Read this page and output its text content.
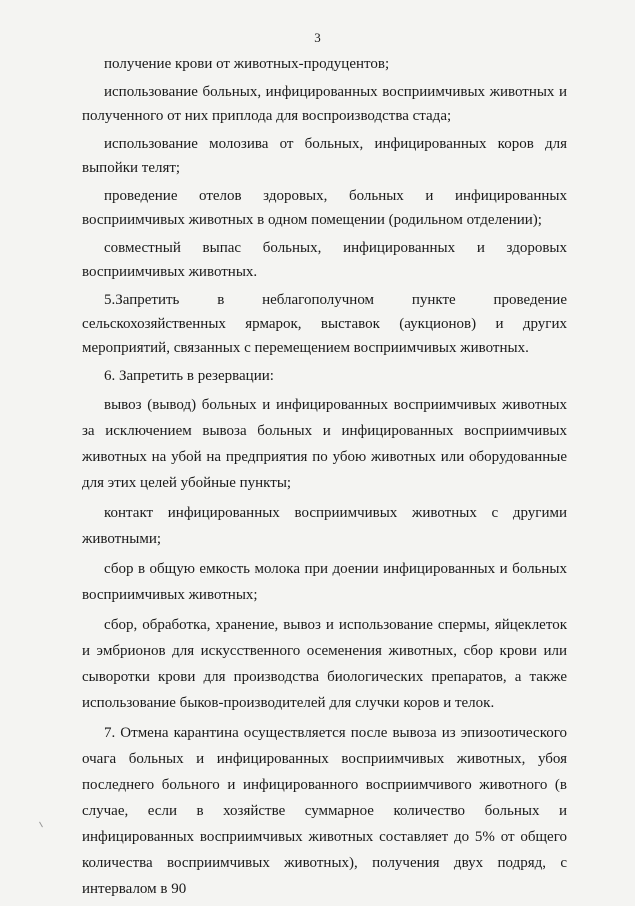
3

получение крови от животных-продуцентов;

использование больных, инфицированных восприимчивых животных и полученного от них приплода для воспроизводства стада;

использование молозива от больных, инфицированных коров для выпойки телят;

проведение отелов здоровых, больных и инфицированных восприимчивых животных в одном помещении (родильном отделении);

совместный выпас больных, инфицированных и здоровых восприимчивых животных.

5.Запретить в неблагополучном пункте проведение сельскохозяйственных ярмарок, выставок (аукционов) и других мероприятий, связанных с перемещением восприимчивых животных.

6. Запретить в резервации:

вывоз (вывод) больных и инфицированных восприимчивых животных за исключением вывоза больных и инфицированных восприимчивых животных на убой на предприятия по убою животных или оборудованные для этих целей убойные пункты;

контакт инфицированных восприимчивых животных с другими животными;

сбор в общую емкость молока при доении инфицированных и больных восприимчивых животных;

сбор, обработка, хранение, вывоз и использование спермы, яйцеклеток и эмбрионов для искусственного осеменения животных, сбор крови или сыворотки крови для производства биологических препаратов, а также использование быков-производителей для случки коров и телок.

7. Отмена карантина осуществляется после вывоза из эпизоотического очага больных и инфицированных восприимчивых животных, убоя последнего больного и инфицированного восприимчивого животного (в случае, если в хозяйстве суммарное количество больных и инфицированных восприимчивых животных составляет до 5% от общего количества восприимчивых животных), получения двух подряд, с интервалом в 90
